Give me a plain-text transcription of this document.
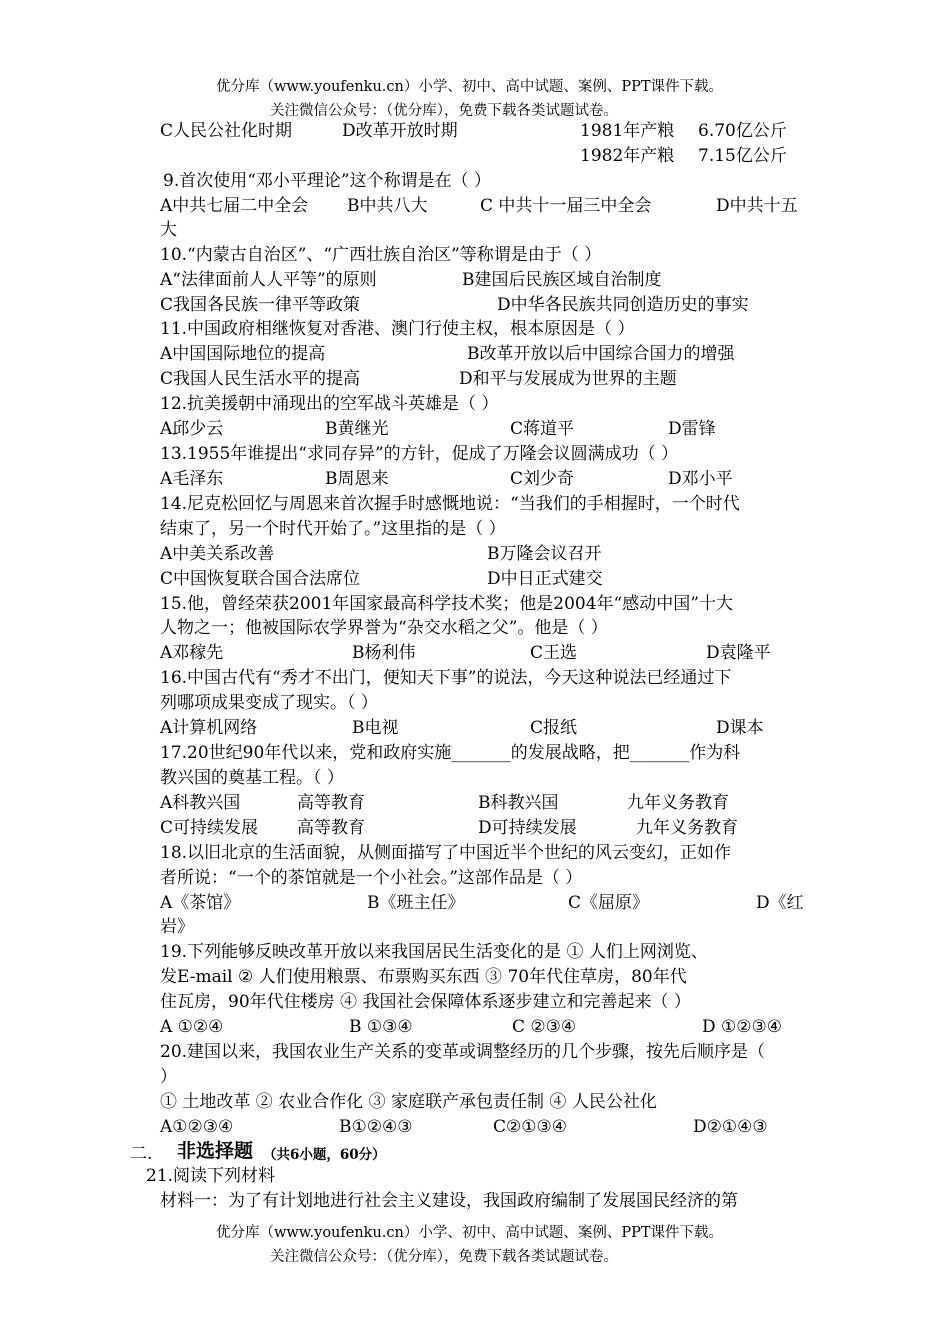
优分库（www.youfenku.cn）小学、初中、高中试题、案例、PPT课件下载。
关注微信公众号：（优分库），免费下载各类试题试卷。
C人民公社化时期	D改革开放时期	1981年产粮 6.70亿公斤
1982年产粮 7.15亿公斤
9.首次使用“邓小平理论”这个称谓是在（ ）
A中共七届二中全会 B中共八大	C 中共十一届三中全会	D中共十五
大
10.“内蒙古自治区”、“广西壮族自治区”等称谓是由于（ ）
A“法律面前人人平等”的原则	B建国后民族区域自治制度
C我国各民族一律平等政策	D中华各民族共同创造历史的事实
11.中国政府相继恢复对香港、澳门行使主权，根本原因是（ ）
A中国国际地位的提高	B改革开放以后中国综合国力的增强
C我国人民生活水平的提高	D和平与发展成为世界的主题
12.抗美援朝中涌现出的空军战斗英雄是（ ）
A邱少云	B黄继光	C蒋道平	D雷锋
13.1955年谁提出“求同存异”的方针，促成了万隆会议圆满成功（ ）
A毛泽东	B周恩来	C刘少奇	D邓小平
14.尼克松回忆与周恩来首次握手时感慨地说：“当我们的手相握时，一个时代
结束了，另一个时代开始了。”这里指的是（ ）
A中美关系改善	B万隆会议召开
C中国恢复联合国合法席位	D中日正式建交
15.他，曾经荣获2001年国家最高科学技术奖；他是2004年“感动中国”十大
人物之一；他被国际农学界誉为“杂交水稻之父”。他是（ ）
A邓稼先	B杨利伟	C王选	D袁隆平
16.中国古代有“秀才不出门，便知天下事”的说法，今天这种说法已经通过下
列哪项成果变成了现实。（ ）
A计算机网络	B电视	C报纸	D课本
17.20世纪90年代以来，党和政府实施_______的发展战略，把_______作为科
教兴国的奠基工程。（ ）
A科教兴国	高等教育	B科教兴国	九年义务教育
C可持续发展 高等教育	D可持续发展	九年义务教育
18.以旧北京的生活面貌，从侧面描写了中国近半个世纪的风云变幻，正如作
者所说：“一个的茶馆就是一个小社会。”这部作品是（ ）
A《茶馆》	B《班主任》	C《屈原》	D《红
岩》
19.下列能够反映改革开放以来我国居民生活变化的是 ① 人们上网浏览、
发E-mail ② 人们使用粮票、布票购买东西 ③ 70年代住草房，80年代
住瓦房，90年代住楼房 ④ 我国社会保障体系逐步建立和完善起来（ ）
A ①②④	B ①③④	C ②③④	D ①②③④
20.建国以来，我国农业生产关系的变革或调整经历的几个步骤，按先后顺序是（
）
① 土地改革 ② 农业合作化 ③ 家庭联产承包责任制 ④ 人民公社化
A①②③④	B①②④③	C②①③④	D②①④③
二. 非选择题 （共6小题，60分）
21.阅读下列材料
材料一：为了有计划地进行社会主义建设，我国政府编制了发展国民经济的第
优分库（www.youfenku.cn）小学、初中、高中试题、案例、PPT课件下载。
关注微信公众号：（优分库），免费下载各类试题试卷。
